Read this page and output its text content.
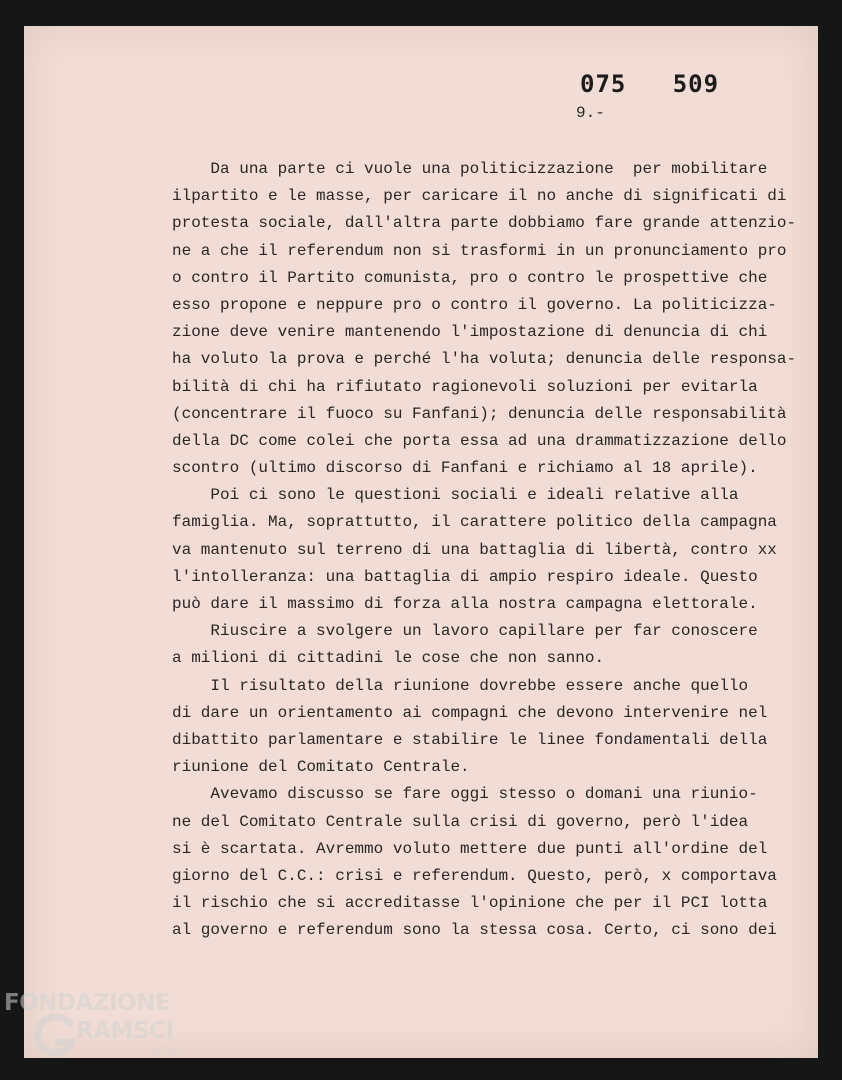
075   509
9.-
Da una parte ci vuole una politicizzazione  per mobilitare
ilpartito e le masse, per caricare il no anche di significati di
protesta sociale, dall'altra parte dobbiamo fare grande attenzio-
ne a che il referendum non si trasformi in un pronunciamento pro
o contro il Partito comunista, pro o contro le prospettive che
esso propone e neppure pro o contro il governo. La politicizza-
zione deve venire mantenendo l'impostazione di denuncia di chi
ha voluto la prova e perché l'ha voluta; denuncia delle responsa-
bilità di chi ha rifiutato ragionevoli soluzioni per evitarla
(concentrare il fuoco su Fanfani); denuncia delle responsabilità
della DC come colei che porta essa ad una drammatizzazione dello
scontro (ultimo discorso di Fanfani e richiamo al 18 aprile).
Poi ci sono le questioni sociali e ideali relative alla
famiglia. Ma, soprattutto, il carattere politico della campagna
va mantenuto sul terreno di una battaglia di libertà, contro xx
l'intolleranza: una battaglia di ampio respiro ideale. Questo
può dare il massimo di forza alla nostra campagna elettorale.
Riuscire a svolgere un lavoro capillare per far conoscere
a milioni di cittadini le cose che non sanno.
Il risultato della riunione dovrebbe essere anche quello
di dare un orientamento ai compagni che devono intervenire nel
dibattito parlamentare e stabilire le linee fondamentali della
riunione del Comitato Centrale.
Avevamo discusso se fare oggi stesso o domani una riunio-
ne del Comitato Centrale sulla crisi di governo, però l'idea
si è scartata. Avremmo voluto mettere due punti all'ordine del
giorno del C.C.: crisi e referendum. Questo, però, x comportava
il rischio che si accreditasse l'opinione che per il PCI lotta
al governo e referendum sono la stessa cosa. Certo, ci sono dei
FONDAZIONE
RAMSCI
onlus
